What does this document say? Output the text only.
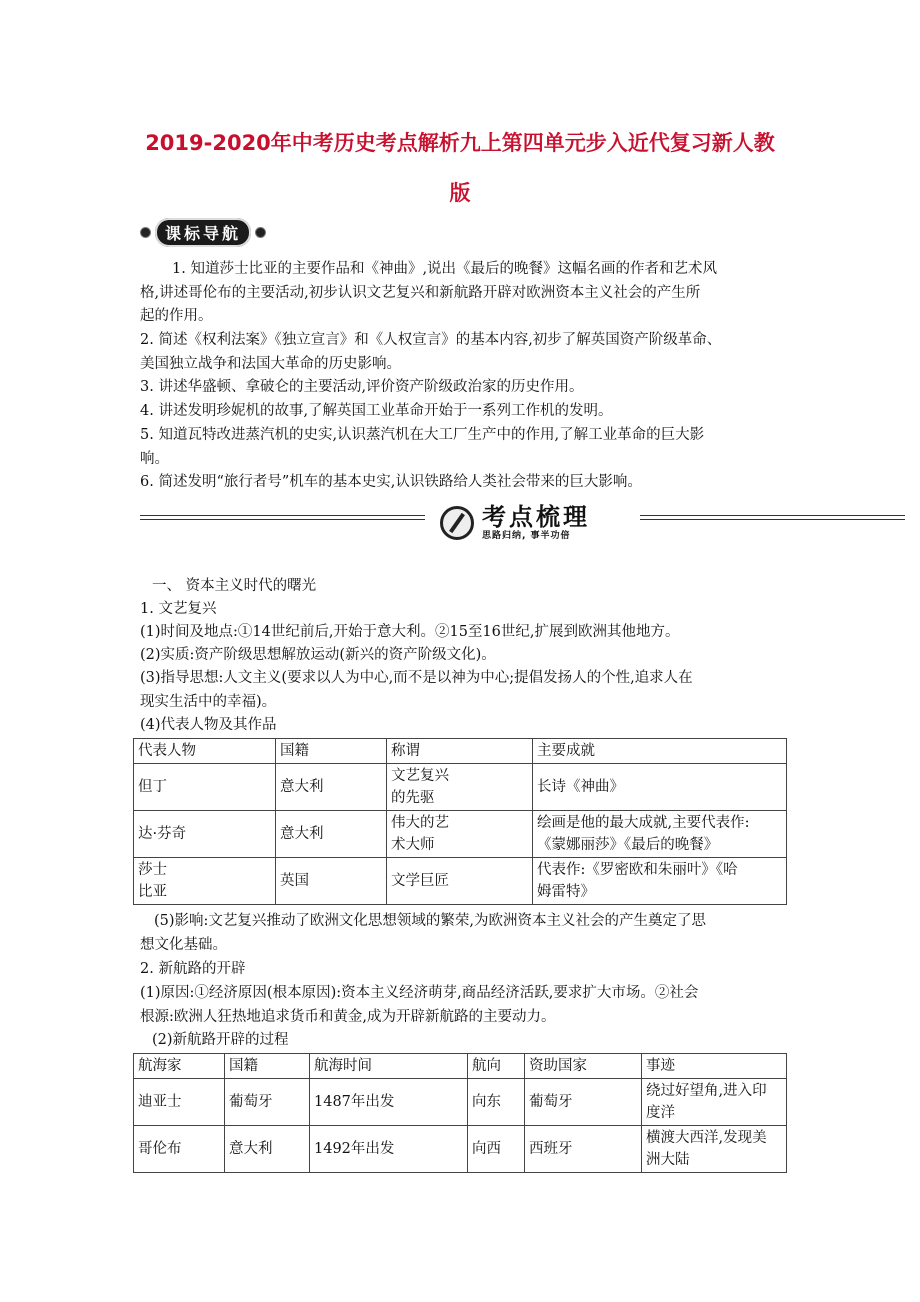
2019-2020年中考历史考点解析九上第四单元步入近代复习新人教
版
课标导航

1. 知道莎士比亚的主要作品和《神曲》,说出《最后的晚餐》这幅名画的作者和艺术风
格,讲述哥伦布的主要活动,初步认识文艺复兴和新航路开辟对欧洲资本主义社会的产生所
起的作用。

2. 简述《权利法案》《独立宣言》和《人权宣言》的基本内容,初步了解英国资产阶级革命、
美国独立战争和法国大革命的历史影响。

3. 讲述华盛顿、拿破仑的主要活动,评价资产阶级政治家的历史作用。

4. 讲述发明珍妮机的故事,了解英国工业革命开始于一系列工作机的发明。

5. 知道瓦特改进蒸汽机的史实,认识蒸汽机在大工厂生产中的作用,了解工业革命的巨大影
响。

6. 简述发明“旅行者号”机车的基本史实,认识铁路给人类社会带来的巨大影响。

考点梳理
思路归纳, 事半功倍

一、 资本主义时代的曙光

1. 文艺复兴

(1)时间及地点:①14世纪前后,开始于意大利。②15至16世纪,扩展到欧洲其他地方。

(2)实质:资产阶级思想解放运动(新兴的资产阶级文化)。

(3)指导思想:人文主义(要求以人为中心,而不是以神为中心;提倡发扬人的个性,追求人在
现实生活中的幸福)。

(4)代表人物及其作品

代表人物	国籍	称谓	主要成就
但丁	意大利	文艺复兴
的先驱	长诗《神曲》
达·芬奇	意大利	伟大的艺
术大师	绘画是他的最大成就,主要代表作:
《蒙娜丽莎》《最后的晚餐》
莎士
比亚	英国	文学巨匠	代表作:《罗密欧和朱丽叶》《哈
姆雷特》

(5)影响:文艺复兴推动了欧洲文化思想领域的繁荣,为欧洲资本主义社会的产生奠定了思
想文化基础。

2. 新航路的开辟

(1)原因:①经济原因(根本原因):资本主义经济萌芽,商品经济活跃,要求扩大市场。②社会
根源:欧洲人狂热地追求货币和黄金,成为开辟新航路的主要动力。

(2)新航路开辟的过程

航海家	国籍	航海时间	航向	资助国家	事迹
迪亚士	葡萄牙	1487年出发	向东	葡萄牙	绕过好望角,进入印
度洋
哥伦布	意大利	1492年出发	向西	西班牙	横渡大西洋,发现美
洲大陆
